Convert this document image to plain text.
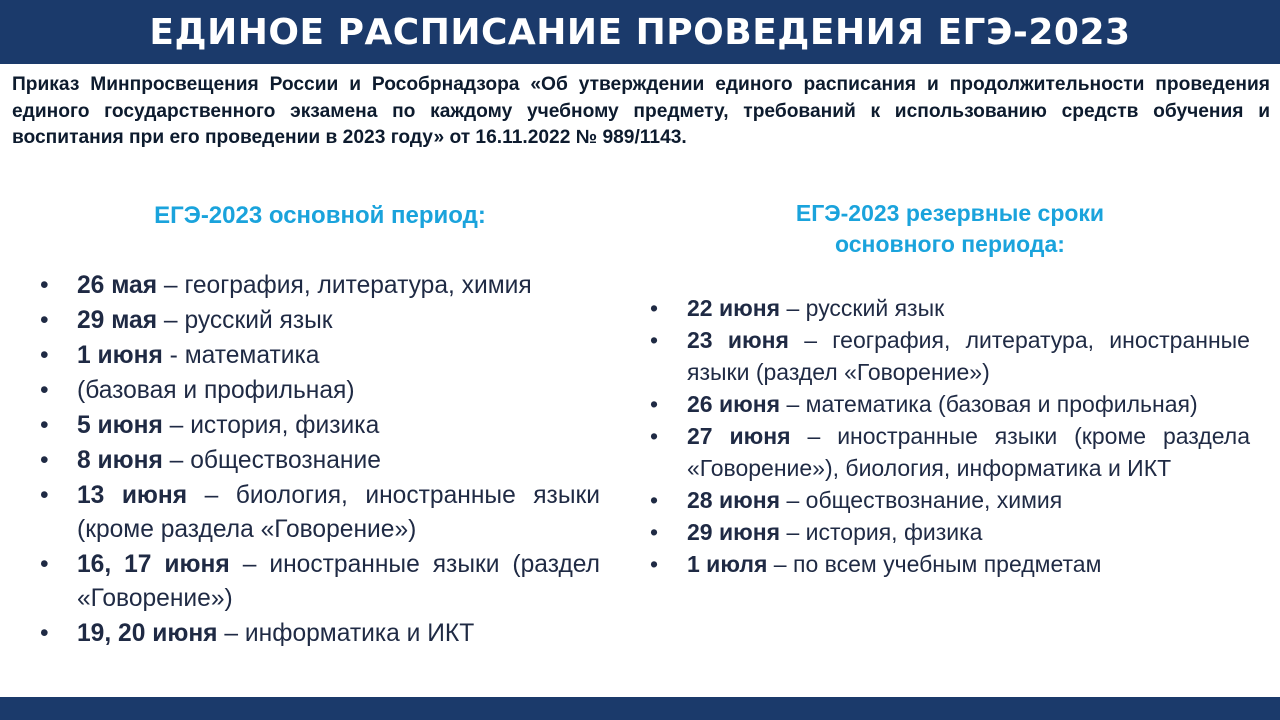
ЕДИНОЕ РАСПИСАНИЕ ПРОВЕДЕНИЯ ЕГЭ-2023
Приказ Минпросвещения России и Рособрнадзора «Об утверждении единого расписания и продолжительности проведения единого государственного экзамена по каждому учебному предмету, требований к использованию средств обучения и воспитания при его проведении в 2023 году» от 16.11.2022 № 989/1143.
ЕГЭ-2023 основной период:
• 26 мая – география, литература, химия
• 29 мая – русский язык
• 1 июня - математика
• (базовая и профильная)
• 5 июня – история, физика
• 8 июня – обществознание
• 13 июня – биология, иностранные языки (кроме раздела «Говорение»)
• 16, 17 июня – иностранные языки (раздел «Говорение»)
• 19, 20 июня – информатика и ИКТ
ЕГЭ-2023 резервные сроки
основного периода:
• 22 июня – русский язык
• 23 июня – география, литература, иностранные языки (раздел «Говорение»)
• 26 июня – математика (базовая и профильная)
• 27 июня – иностранные языки (кроме раздела «Говорение»), биология, информатика и ИКТ
• 28 июня – обществознание, химия
• 29 июня – история, физика
• 1 июля – по всем учебным предметам
